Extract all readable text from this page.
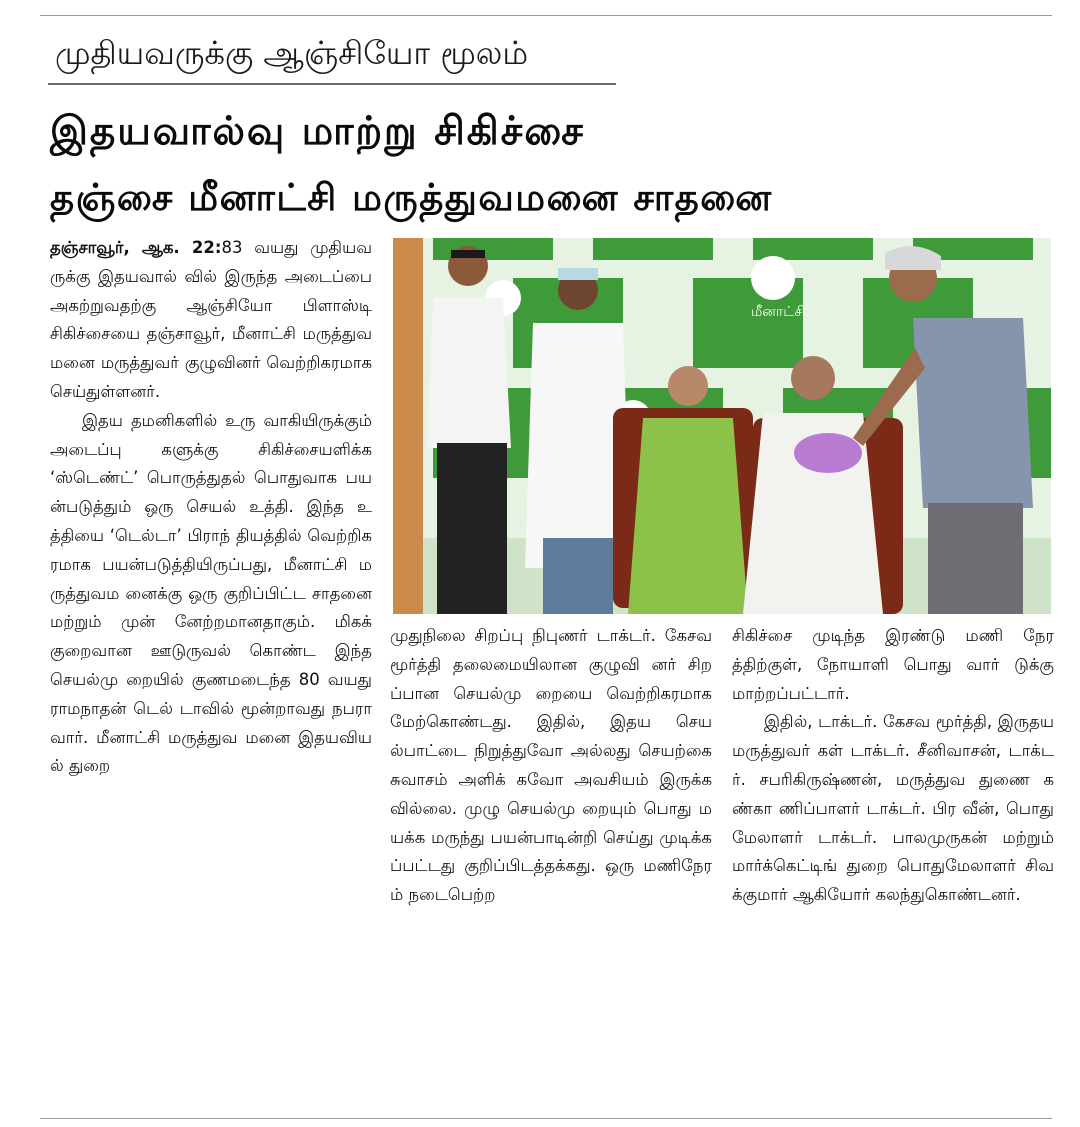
முதியவருக்கு ஆஞ்சியோ மூலம்
இதயவால்வு மாற்று சிகிச்சை
தஞ்சை மீனாட்சி மருத்துவமனை சாதனை

தஞ்சாவூர், ஆக. 22:83 வயது முதியவருக்கு இதயவால் வில் இருந்த அடைப்பை அகற்றுவதற்கு ஆஞ்சியோ பிளாஸ்டி சிகிச்சையை தஞ்சாவூர், மீனாட்சி மருத்துவமனை மருத்துவர் குழுவினர் வெற்றிகரமாக செய்துள்ளனர்.

இதய தமனிகளில் உரு வாகியிருக்கும் அடைப்பு களுக்கு சிகிச்சையளிக்க ‘ஸ்டெண்ட்’ பொருத்துதல் பொதுவாக பயன்படுத்தும் ஒரு செயல் உத்தி. இந்த உத்தியை ‘டெல்டா’ பிராந் தியத்தில் வெற்றிகரமாக பயன்படுத்தியிருப்பது, மீனாட்சி மருத்துவம னைக்கு ஒரு குறிப்பிட்ட சாதனை மற்றும் முன் னேற்றமானதாகும். மிகக் குறைவான ஊடுருவல் கொண்ட இந்த செயல்மு றையில் குணமடைந்த 80 வயது ராமநாதன் டெல் டாவில் மூன்றாவது நபரா வார். மீனாட்சி மருத்துவ மனை இதயவியல் துறை

மீனாட்சி

முதுநிலை சிறப்பு நிபுணர் டாக்டர். கேசவமூர்த்தி தலைமையிலான குழுவி னர் சிறப்பான செயல்மு றையை வெற்றிகரமாக மேற்கொண்டது. இதில், இதய செயல்பாட்டை நிறுத்துவோ அல்லது செயற்கை சுவாசம் அளிக் கவோ அவசியம் இருக்க வில்லை. முழு செயல்மு றையும் பொது மயக்க மருந்து பயன்பாடின்றி செய்து முடிக்கப்பட்டது குறிப்பிடத்தக்கது. ஒரு மணிநேரம் நடைபெற்ற

சிகிச்சை முடிந்த இரண்டு மணி நேரத்திற்குள், நோயாளி பொது வார் டுக்கு மாற்றப்பட்டார்.

இதில், டாக்டர். கேசவ மூர்த்தி, இருதய மருத்துவர் கள் டாக்டர். சீனிவாசன், டாக்டர். சபரிகிருஷ்ணன், மருத்துவ துணை கண்கா ணிப்பாளர் டாக்டர். பிர வீன், பொது மேலாளர் டாக்டர். பாலமுருகன் மற்றும் மார்க்கெட்டிங் துறை பொதுமேலாளர் சிவக்குமார் ஆகியோர் கலந்துகொண்டனர்.
